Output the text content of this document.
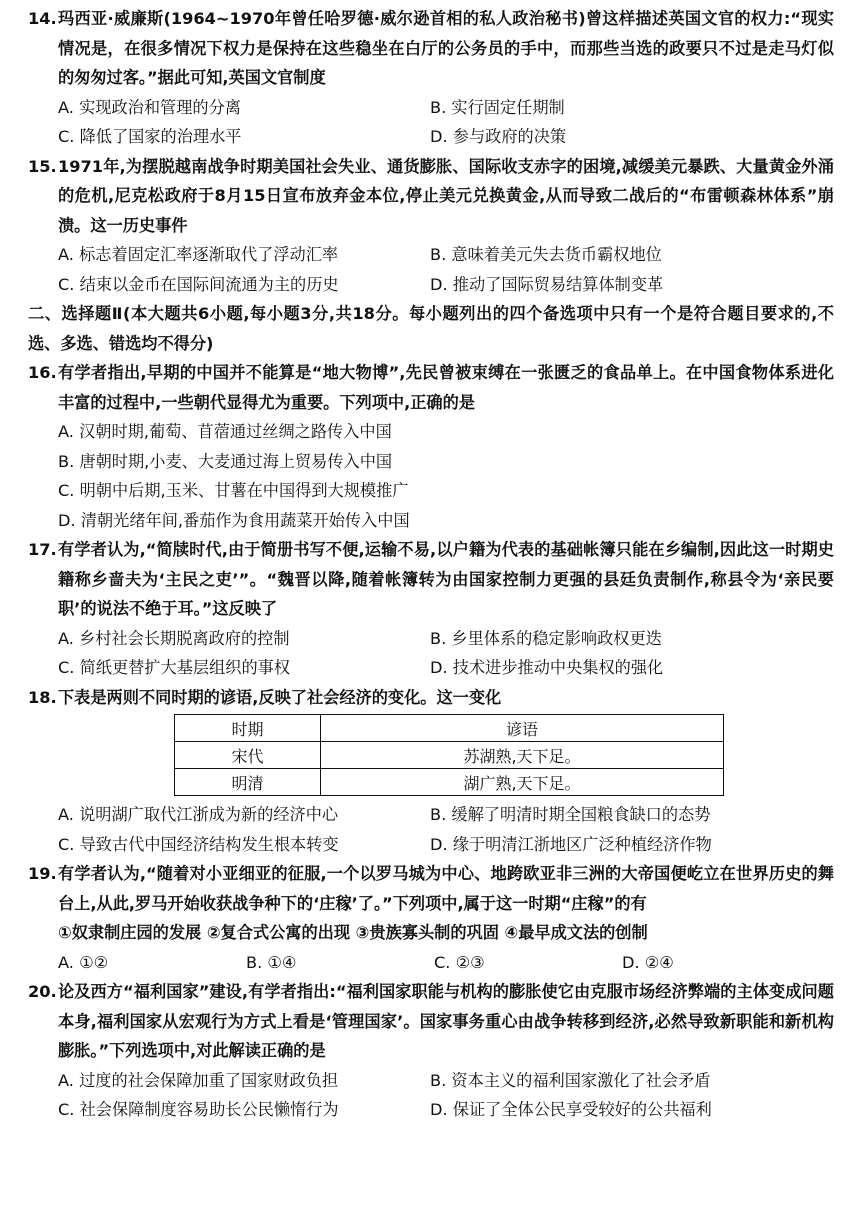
14. 玛西亚·威廉斯(1964~1970年曾任哈罗德·威尔逊首相的私人政治秘书)曾这样描述英国文官的权力:“现实情况是，在很多情况下权力是保持在这些稳坐在白厅的公务员的手中，而那些当选的政要只不过是走马灯似的匆匆过客。”据此可知,英国文官制度
A. 实现政治和管理的分离	B. 实行固定任期制
C. 降低了国家的治理水平	D. 参与政府的决策
15. 1971年,为摆脱越南战争时期美国社会失业、通货膨胀、国际收支赤字的困境,减缓美元暴跌、大量黄金外涌的危机,尼克松政府于8月15日宣布放弃金本位,停止美元兑换黄金,从而导致二战后的“布雷顿森林体系”崩溃。这一历史事件
A. 标志着固定汇率逐渐取代了浮动汇率	B. 意味着美元失去货币霸权地位
C. 结束以金币在国际间流通为主的历史	D. 推动了国际贸易结算体制变革
二、选择题Ⅱ(本大题共6小题,每小题3分,共18分。每小题列出的四个备选项中只有一个是符合题目要求的,不选、多选、错选均不得分)
16. 有学者指出,早期的中国并不能算是“地大物博”,先民曾被束缚在一张匮乏的食品单上。在中国食物体系进化丰富的过程中,一些朝代显得尤为重要。下列项中,正确的是
A. 汉朝时期,葡萄、苜蓿通过丝绸之路传入中国
B. 唐朝时期,小麦、大麦通过海上贸易传入中国
C. 明朝中后期,玉米、甘薯在中国得到大规模推广
D. 清朝光绪年间,番茄作为食用蔬菜开始传入中国
17. 有学者认为,“简牍时代,由于简册书写不便,运输不易,以户籍为代表的基础帐簿只能在乡编制,因此这一时期史籍称乡啬夫为‘主民之吏’”。“魏晋以降,随着帐簿转为由国家控制力更强的县廷负责制作,称县令为‘亲民要职’的说法不绝于耳。”这反映了
A. 乡村社会长期脱离政府的控制	B. 乡里体系的稳定影响政权更迭
C. 简纸更替扩大基层组织的事权	D. 技术进步推动中央集权的强化
18. 下表是两则不同时期的谚语,反映了社会经济的变化。这一变化
时期	谚语
宋代	苏湖熟,天下足。
明清	湖广熟,天下足。
A. 说明湖广取代江浙成为新的经济中心	B. 缓解了明清时期全国粮食缺口的态势
C. 导致古代中国经济结构发生根本转变	D. 缘于明清江浙地区广泛种植经济作物
19. 有学者认为,“随着对小亚细亚的征服,一个以罗马城为中心、地跨欧亚非三洲的大帝国便屹立在世界历史的舞台上,从此,罗马开始收获战争种下的‘庄稼’了。”下列项中,属于这一时期“庄稼”的有
①奴隶制庄园的发展 ②复合式公寓的出现 ③贵族寡头制的巩固 ④最早成文法的创制
A. ①②	B. ①④	C. ②③	D. ②④
20. 论及西方“福利国家”建设,有学者指出:“福利国家职能与机构的膨胀使它由克服市场经济弊端的主体变成问题本身,福利国家从宏观行为方式上看是‘管理国家’。国家事务重心由战争转移到经济,必然导致新职能和新机构膨胀。”下列选项中,对此解读正确的是
A. 过度的社会保障加重了国家财政负担	B. 资本主义的福利国家激化了社会矛盾
C. 社会保障制度容易助长公民懒惰行为	D. 保证了全体公民享受较好的公共福利
